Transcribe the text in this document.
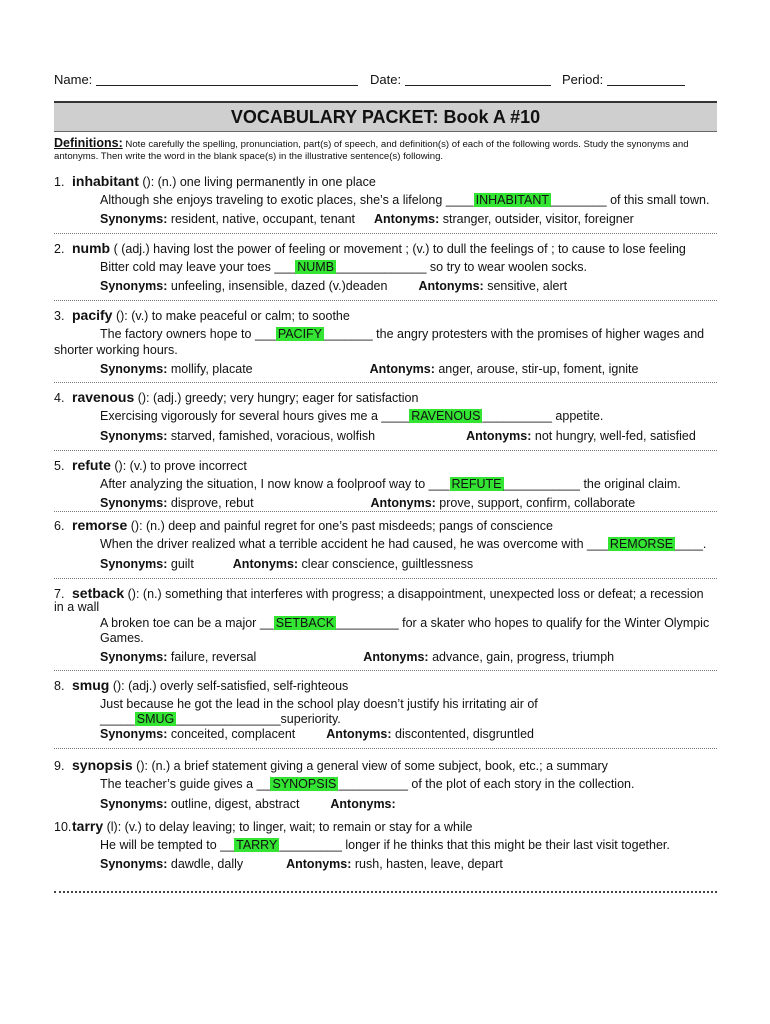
Name:	Date:	Period:
VOCABULARY PACKET: Book A #10
Definitions: Note carefully the spelling, pronunciation, part(s) of speech, and definition(s) of each of the following words. Study the synonyms and antonyms. Then write the word in the blank space(s) in the illustrative sentence(s) following.
1. inhabitant (): (n.) one living permanently in one place
Although she enjoys traveling to exotic places, she’s a lifelong ____ INHABITANT ________ of this small town.
Synonyms: resident, native, occupant, tenant Antonyms: stranger, outsider, visitor, foreigner
2. numb ( (adj.) having lost the power of feeling or movement ; (v.) to dull the feelings of ; to cause to lose feeling
Bitter cold may leave your toes ___ NUMB _____________ so try to wear woolen socks.
Synonyms: unfeeling, insensible, dazed (v.)deaden Antonyms: sensitive, alert
3. pacify (): (v.) to make peaceful or calm; to soothe
The factory owners hope to ___ PACIFY _______ the angry protesters with the promises of higher wages and
shorter working hours.
Synonyms: mollify, placate	Antonyms: anger, arouse, stir-up, foment, ignite
4. ravenous (): (adj.) greedy; very hungry; eager for satisfaction
Exercising vigorously for several hours gives me a ____ RAVENOUS __________ appetite.
Synonyms: starved, famished, voracious, wolfish	Antonyms: not hungry, well-fed, satisfied
5. refute (): (v.) to prove incorrect
After analyzing the situation, I now know a foolproof way to ___ REFUTE ___________ the original claim.
Synonyms: disprove, rebut	Antonyms: prove, support, confirm, collaborate
6. remorse (): (n.) deep and painful regret for one’s past misdeeds; pangs of conscience
When the driver realized what a terrible accident he had caused, he was overcome with ___ REMORSE ____.
Synonyms: guilt	Antonyms: clear conscience, guiltlessness
7. setback (): (n.) something that interferes with progress; a disappointment, unexpected loss or defeat; a recession
in a wall
A broken toe can be a major __ SETBACK _________ for a skater who hopes to qualify for the Winter Olympic
Games.
Synonyms: failure, reversal	Antonyms: advance, gain, progress, triumph
8. smug (): (adj.) overly self-satisfied, self-righteous
Just because he got the lead in the school play doesn’t justify his irritating air of
_____ SMUG _______________superiority.
Synonyms: conceited, complacent Antonyms: discontented, disgruntled
9. synopsis (): (n.) a brief statement giving a general view of some subject, book, etc.; a summary
The teacher’s guide gives a __ SYNOPSIS __________ of the plot of each story in the collection.
Synonyms: outline, digest, abstract Antonyms:
10.tarry (l): (v.) to delay leaving; to linger, wait; to remain or stay for a while
He will be tempted to __ TARRY _________ longer if he thinks that this might be their last visit together.
Synonyms: dawdle, dally	Antonyms: rush, hasten, leave, depart
